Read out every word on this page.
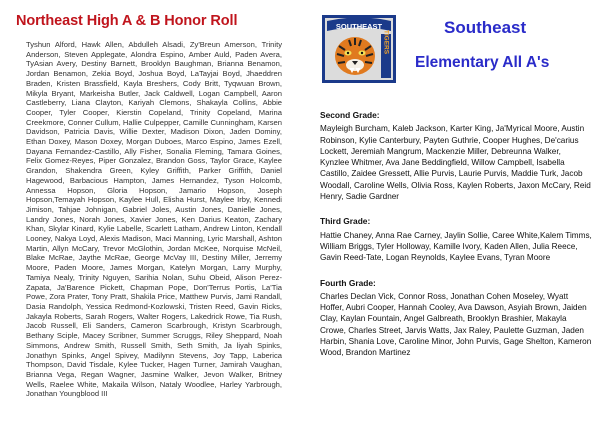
Northeast High A & B Honor Roll
Tyshun Alford, Hawk Allen, Abdulleh Alsadi, Zy'Breun Amerson, Trinity Anderson, Steven Applegate, Alondra Espino, Amber Auld, Paden Avera, TyAsian Avery, Destiny Barnett, Brooklyn Baughman, Brianna Benamon, Jordan Benamon, Zekia Boyd, Joshua Boyd, LaTayjai Boyd, Jhaeddren Braden, Kristen Brassfield, Kayla Breshers, Cody Britt, Tyqwuan Brown, Mikyla Bryant, Markeisha Butler, Jack Caldwell, Logan Campbell, Aaron Castleberry, Liana Clayton, Kariyah Clemons, Shakayla Collins, Abbie Cooper, Tyler Cooper, Kierstin Copeland, Trinity Copeland, Marina Creekmore, Conner Cullum, Hallie Culpepper, Camille Cunningham, Karsen Davidson, Patricia Davis, Willie Dexter, Madison Dixon, Jaden Dominy, Ethan Doxey, Mason Doxey, Morgan Duboes, Marco Espino, James Ezell, Dayana Fernandez-Castillo, Ally Fisher, Sonalia Fleming, Tamara Goines, Felix Gomez-Reyes, Piper Gonzalez, Brandon Goss, Taylor Grace, Kaylee Grandon, Shakendra Green, Kyley Griffith, Parker Griffith, Daniel Hagewood, Barbacious Hampton, James Hernandez, Tyson Holcomb, Annessa Hopson, Gloria Hopson, Jamario Hopson, Joseph Hopson,Temayah Hopson, Kaylee Hull, Elisha Hurst, Maylee Irby, Kennedi Jimison, Tahjae Johnigan, Gabriel Joles, Austin Jones, Danielle Jones, Landry Jones, Norah Jones, Xavier Jones, Ken Darius Keaton, Zachary Khan, Skylar Kinard, Kylie Labelle, Scarlett Latham, Andrew Linton, Kendall Looney, Nakya Loyd, Alexis Madison, Maci Manning, Lyric Marshall, Ashton Martin, Allyn McCary, Trevor McGlothin, Jordan McKee, Norquise McNeil, Blake McRae, Jaythe McRae, George McVay III, Destiny Miller, Jerremy Moore, Paden Moore, James Morgan, Katelyn Morgan, Larry Murphy, Tamiya Nealy, Trinity Nguyen, Sarihia Nolan, Suhu Obeid, Alison Perez- Zapata, Ja'Barence Pickett, Chapman Pope, Don'Terrus Portis, La'Tia Powe, Zora Prater, Tony Pratt, Shakila Price, Matthew Purvis, Jami Randall, Dasia Randolph, Yessica Redmond-Kozlowski, Tristen Reed, Gavin Ricks, Jakayla Roberts, Sarah Rogers, Walter Rogers, Lakedrick Rowe, Tia Rush, Jacob Russell, Eli Sanders, Cameron Scarbrough, Kristyn Scarbrough, Bethany Sciple, Macey Scribner, Summer Scruggs, Riley Sheppard, Noah Simmons, Andrew Smith, Russell Smith, Seth Smith, Ja liyah Spinks, Jonathyn Spinks, Angel Spivey, Madilynn Stevens, Joy Tapp, Laberica Thompson, David Tisdale, Kylee Tucker, Hagen Turner, Jamirah Vaughan, Brianna Vega, Regan Wagner, Jasmine Walker, Jevon Walker, Britney Wells, Raelee White, Makaila Wilson, Nataly Woodlee, Harley Yarbrough, Jonathan Youngblood III
SOUTHEAST
TIGERS
Southeast
Elementary All A's
Second Grade:
Mayleigh Burcham, Kaleb Jackson, Karter King, Ja'Myrical Moore, Austin Robinson, Kylie Canterbury, Payten Guthrie, Cooper Hughes, De'carius Lockett, Jeremiah Mangrum, Mackenzie Miller, Debreunna Walker, Kynzlee Whitmer, Ava Jane Beddingfield, Willow Campbell, Isabella Castillo, Zaidee Gressett, Allie Purvis, Laurie Purvis, Maddie Turk, Jacob Woodall, Caroline Wells, Olivia Ross, Kaylen Roberts, Jaxon McCary, Reid Henry, Sadie Gardner
Third Grade:
Hattie Chaney, Anna Rae Carney, Jaylin Sollie, Caree White,Kalem Timms, William Briggs, Tyler Holloway, Kamille Ivory, Kaden Allen, Julia Reece, Gavin Reed-Tate, Logan Reynolds, Kaylee Evans, Tyran Moore
Fourth Grade:
Charles Declan Vick, Connor Ross, Jonathan Cohen Moseley, Wyatt Hoffer, Aubri Cooper, Hannah Cooley, Ava Dawson, Asyiah Brown, Jaiden Clay, Kaylan Fountain, Angel Galbreath, Brooklyn Brashier, Makayla Crowe, Charles Street, Jarvis Watts, Jax Raley, Paulette Guzman, Jaden Harbin, Shania Love, Caroline Minor, John Purvis, Gage Shelton, Kameron Wood, Brandon Martinez
